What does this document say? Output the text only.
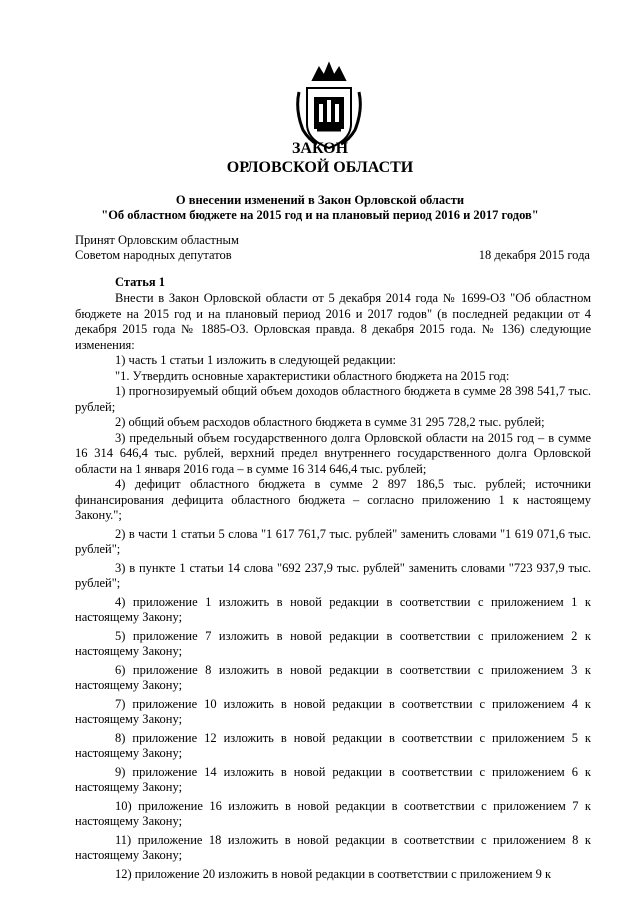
ЗАКОН
ОРЛОВСКОЙ ОБЛАСТИ
О внесении изменений в Закон Орловской области
"Об областном бюджете на 2015 год и на плановый период 2016 и 2017 годов"
Принят Орловским областным
Советом народных депутатов	18 декабря 2015 года
Статья 1

Внести в Закон Орловской области от 5 декабря 2014 года № 1699-ОЗ "Об областном бюджете на 2015 год и на плановый период 2016 и 2017 годов" (в последней редакции от 4 декабря 2015 года № 1885-ОЗ. Орловская правда. 8 декабря 2015 года. № 136) следующие изменения:

1) часть 1 статьи 1 изложить в следующей редакции:

"1. Утвердить основные характеристики областного бюджета на 2015 год:

1) прогнозируемый общий объем доходов областного бюджета в сумме 28 398 541,7 тыс. рублей;

2) общий объем расходов областного бюджета в сумме 31 295 728,2 тыс. рублей;

3) предельный объем государственного долга Орловской области на 2015 год – в сумме 16 314 646,4 тыс. рублей, верхний предел внутреннего государственного долга Орловской области на 1 января 2016 года – в сумме 16 314 646,4 тыс. рублей;

4) дефицит областного бюджета в сумме 2 897 186,5 тыс. рублей; источники финансирования дефицита областного бюджета – согласно приложению 1 к настоящему Закону.";

2) в части 1 статьи 5 слова "1 617 761,7 тыс. рублей" заменить словами "1 619 071,6 тыс. рублей";

3) в пункте 1 статьи 14 слова "692 237,9 тыс. рублей" заменить словами "723 937,9 тыс. рублей";

4) приложение 1 изложить в новой редакции в соответствии с приложением 1 к настоящему Закону;

5) приложение 7 изложить в новой редакции в соответствии с приложением 2 к настоящему Закону;

6) приложение 8 изложить в новой редакции в соответствии с приложением 3 к настоящему Закону;

7) приложение 10 изложить в новой редакции в соответствии с приложением 4 к настоящему Закону;

8) приложение 12 изложить в новой редакции в соответствии с приложением 5 к настоящему Закону;

9) приложение 14 изложить в новой редакции в соответствии с приложением 6 к настоящему Закону;

10) приложение 16 изложить в новой редакции в соответствии с приложением 7 к настоящему Закону;

11) приложение 18 изложить в новой редакции в соответствии с приложением 8 к настоящему Закону;

12) приложение 20 изложить в новой редакции в соответствии с приложением 9 к
